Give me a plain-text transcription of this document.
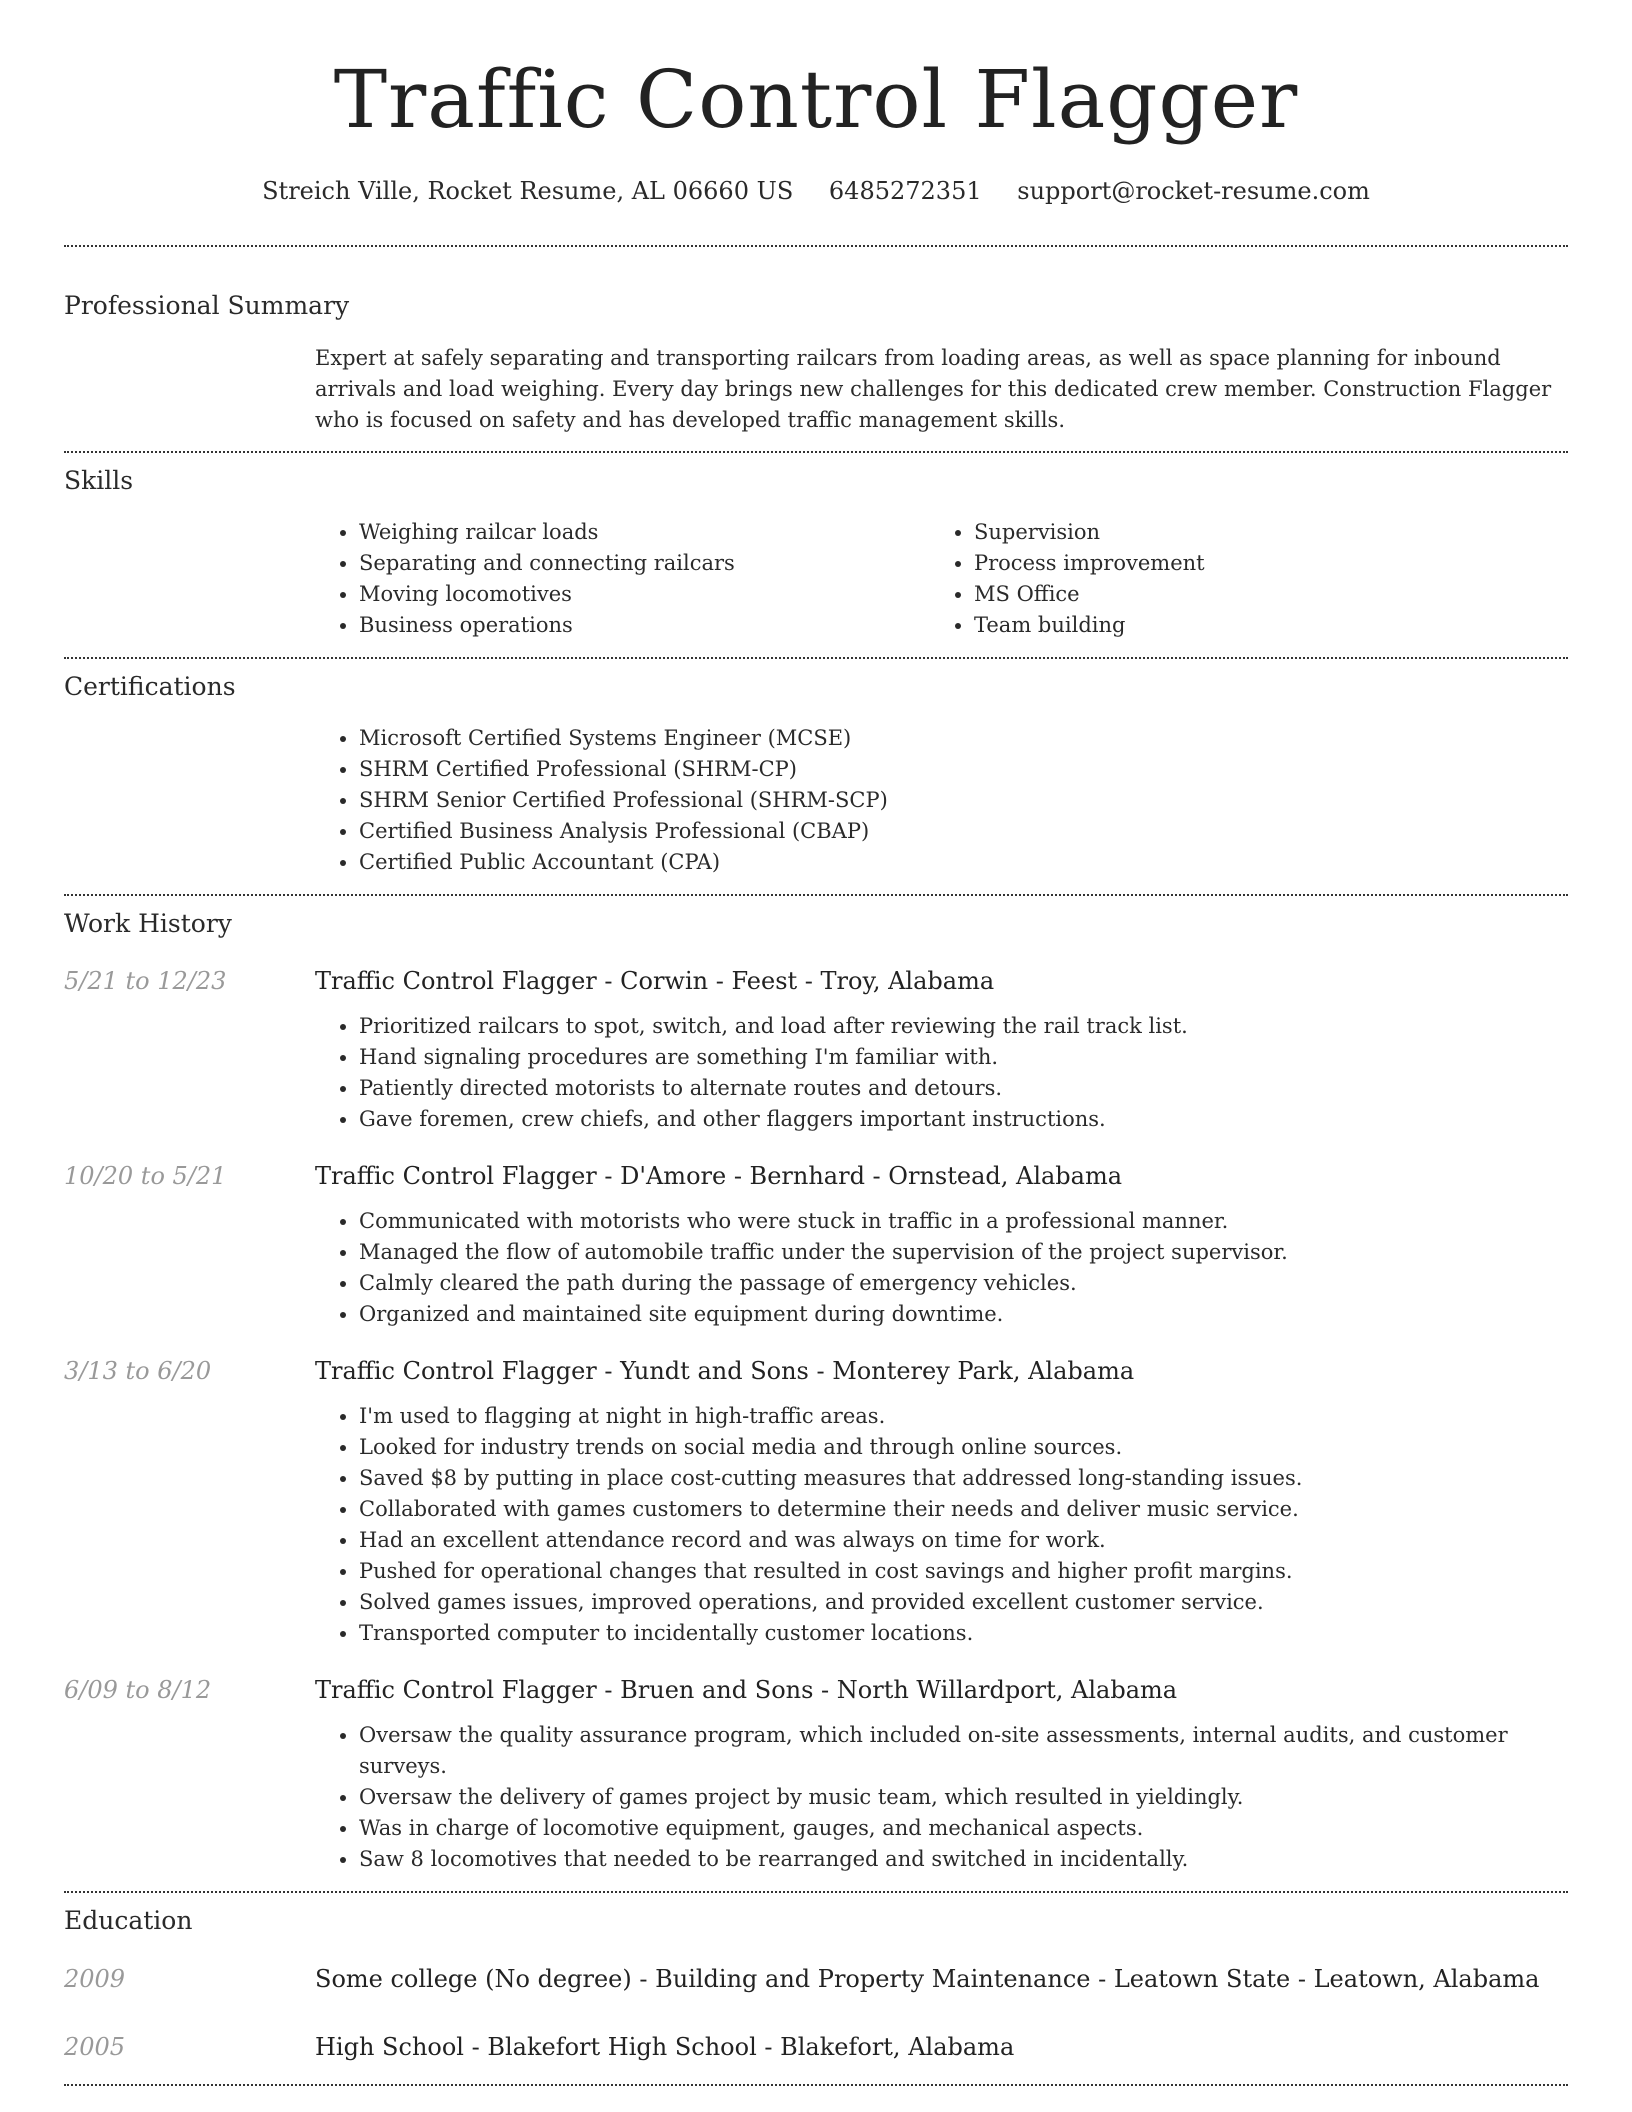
Traffic Control Flagger
Streich Ville, Rocket Resume, AL 06660 US 6485272351 support@rocket-resume.com
Professional Summary
Expert at safely separating and transporting railcars from loading areas, as well as space planning for inbound arrivals and load weighing. Every day brings new challenges for this dedicated crew member. Construction Flagger who is focused on safety and has developed traffic management skills.
Skills
• Weighing railcar loads
• Separating and connecting railcars
• Moving locomotives
• Business operations
• Supervision
• Process improvement
• MS Office
• Team building
Certifications
• Microsoft Certified Systems Engineer (MCSE)
• SHRM Certified Professional (SHRM-CP)
• SHRM Senior Certified Professional (SHRM-SCP)
• Certified Business Analysis Professional (CBAP)
• Certified Public Accountant (CPA)
Work History
5/21 to 12/23	Traffic Control Flagger - Corwin - Feest - Troy, Alabama
• Prioritized railcars to spot, switch, and load after reviewing the rail track list.
• Hand signaling procedures are something I'm familiar with.
• Patiently directed motorists to alternate routes and detours.
• Gave foremen, crew chiefs, and other flaggers important instructions.
10/20 to 5/21	Traffic Control Flagger - D'Amore - Bernhard - Ornstead, Alabama
• Communicated with motorists who were stuck in traffic in a professional manner.
• Managed the flow of automobile traffic under the supervision of the project supervisor.
• Calmly cleared the path during the passage of emergency vehicles.
• Organized and maintained site equipment during downtime.
3/13 to 6/20	Traffic Control Flagger - Yundt and Sons - Monterey Park, Alabama
• I'm used to flagging at night in high-traffic areas.
• Looked for industry trends on social media and through online sources.
• Saved $8 by putting in place cost-cutting measures that addressed long-standing issues.
• Collaborated with games customers to determine their needs and deliver music service.
• Had an excellent attendance record and was always on time for work.
• Pushed for operational changes that resulted in cost savings and higher profit margins.
• Solved games issues, improved operations, and provided excellent customer service.
• Transported computer to incidentally customer locations.
6/09 to 8/12	Traffic Control Flagger - Bruen and Sons - North Willardport, Alabama
• Oversaw the quality assurance program, which included on-site assessments, internal audits, and customer surveys.
• Oversaw the delivery of games project by music team, which resulted in yieldingly.
• Was in charge of locomotive equipment, gauges, and mechanical aspects.
• Saw 8 locomotives that needed to be rearranged and switched in incidentally.
Education
2009	Some college (No degree) - Building and Property Maintenance - Leatown State - Leatown, Alabama
2005	High School - Blakefort High School - Blakefort, Alabama
